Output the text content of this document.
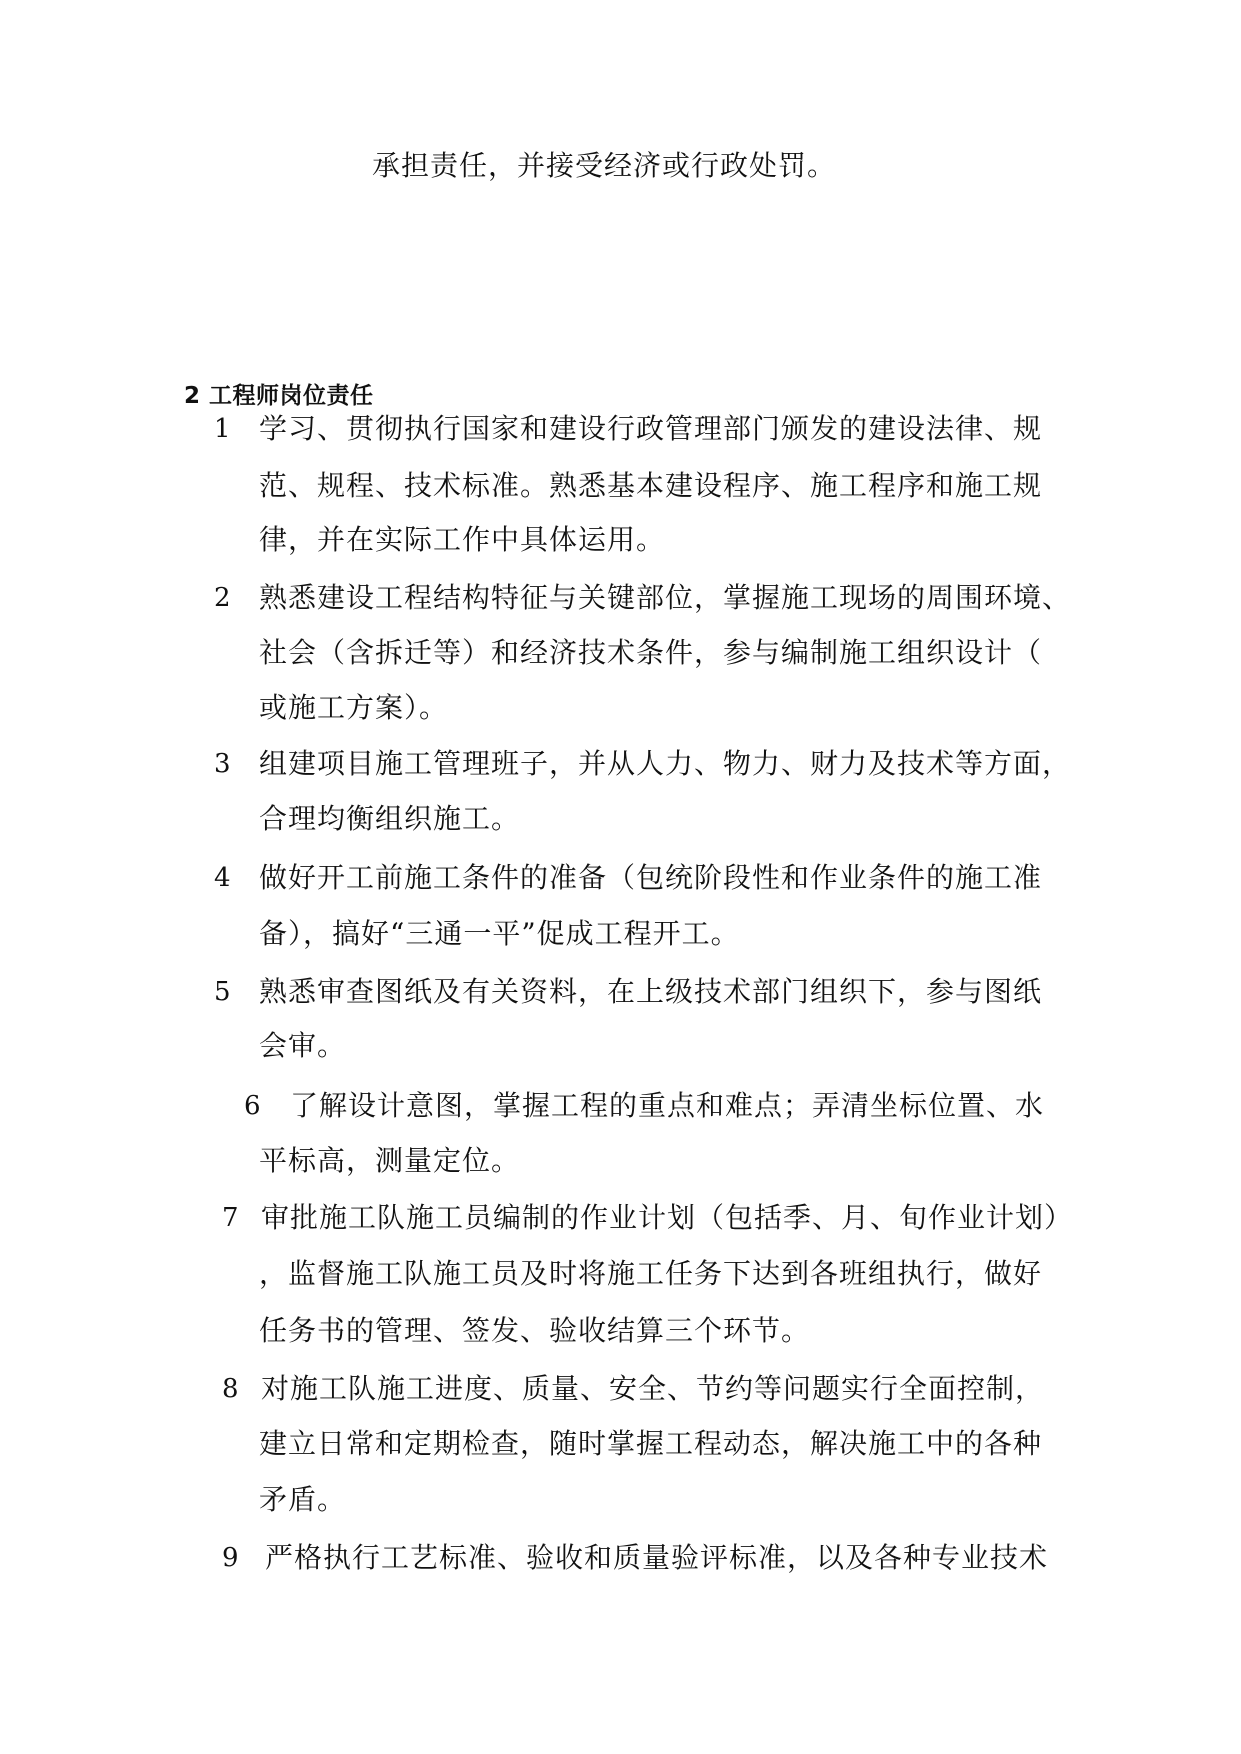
承担责任，并接受经济或行政处罚。
2 工程师岗位责任
1 学习、贯彻执行国家和建设行政管理部门颁发的建设法律、规
范、规程、技术标准。熟悉基本建设程序、施工程序和施工规
律，并在实际工作中具体运用。
2 熟悉建设工程结构特征与关键部位，掌握施工现场的周围环境、
社会（含拆迁等）和经济技术条件，参与编制施工组织设计（
或施工方案）。
3 组建项目施工管理班子，并从人力、物力、财力及技术等方面，
合理均衡组织施工。
4 做好开工前施工条件的准备（包统阶段性和作业条件的施工准
备），搞好“三通一平”促成工程开工。
5 熟悉审查图纸及有关资料，在上级技术部门组织下，参与图纸
会审。
6 了解设计意图，掌握工程的重点和难点；弄清坐标位置、水
平标高，测量定位。
7 审批施工队施工员编制的作业计划（包括季、月、旬作业计划）
，监督施工队施工员及时将施工任务下达到各班组执行，做好
任务书的管理、签发、验收结算三个环节。
8 对施工队施工进度、质量、安全、节约等问题实行全面控制，
建立日常和定期检查，随时掌握工程动态，解决施工中的各种
矛盾。
9 严格执行工艺标准、验收和质量验评标准，以及各种专业技术
